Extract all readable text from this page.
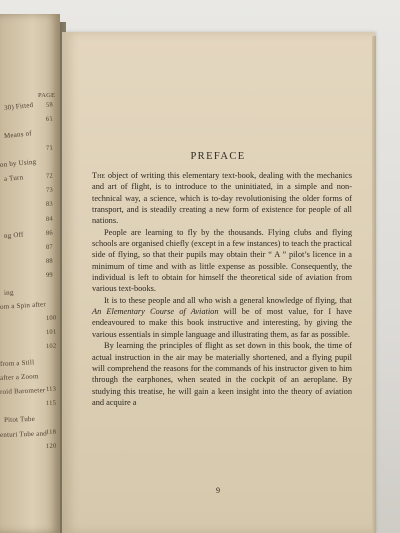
PAGE
30) Fitted 58
61
Means of
71
on by Using
a Turn	72
73
83
84
ng Off	86
87
88
99
ing
om a Spin after
100
101
102
from a Still
after a Zoom
roid Barometer 113
115
Pitot Tube
enturi Tube and
118
120
PREFACE

The object of writing this elementary text-book, dealing with the mechanics and art of flight, is to introduce to the uninitiated, in a simple and non-technical way, a science, which is to-day revolutionising the older forms of transport, and is steadily creating a new form of existence for people of all nations.

People are learning to fly by the thousands. Flying clubs and flying schools are organised chiefly (except in a few instances) to teach the practical side of flying, so that their pupils may obtain their “ A ” pilot’s licence in a minimum of time and with as little expense as possible. Consequently, the individual is left to obtain for himself the theoretical side of aviation from various text-books.

It is to these people and all who wish a general knowledge of flying, that An Elementary Course of Aviation will be of most value, for I have endeavoured to make this book instructive and interesting, by giving the various essentials in simple language and illustrating them, as far as possible.

By learning the principles of flight as set down in this book, the time of actual instruction in the air may be materially shortened, and a flying pupil will comprehend the reasons for the commands of his instructor given to him through the earphones, when seated in the cockpit of an aeroplane. By studying this treatise, he will gain a keen insight into the theory of aviation and acquire a

9
